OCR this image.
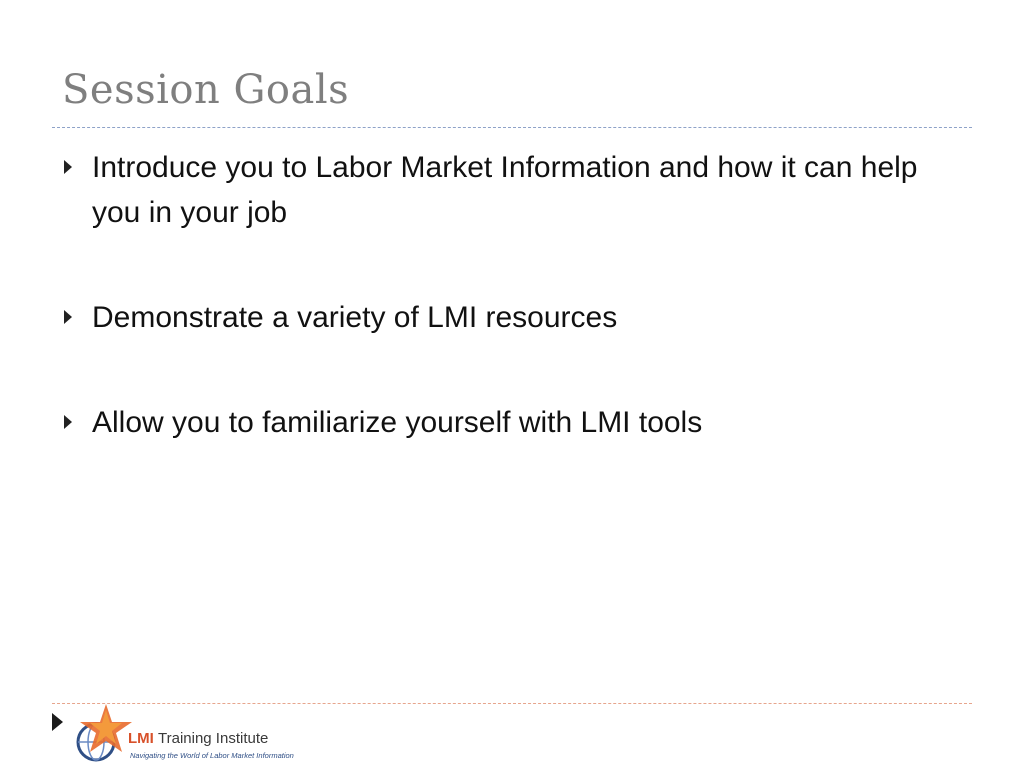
Session Goals
Introduce you to Labor Market Information and how it can help you in your job
Demonstrate a variety of LMI resources
Allow you to familiarize yourself with LMI tools
LMI Training Institute
Navigating the World of Labor Market Information
